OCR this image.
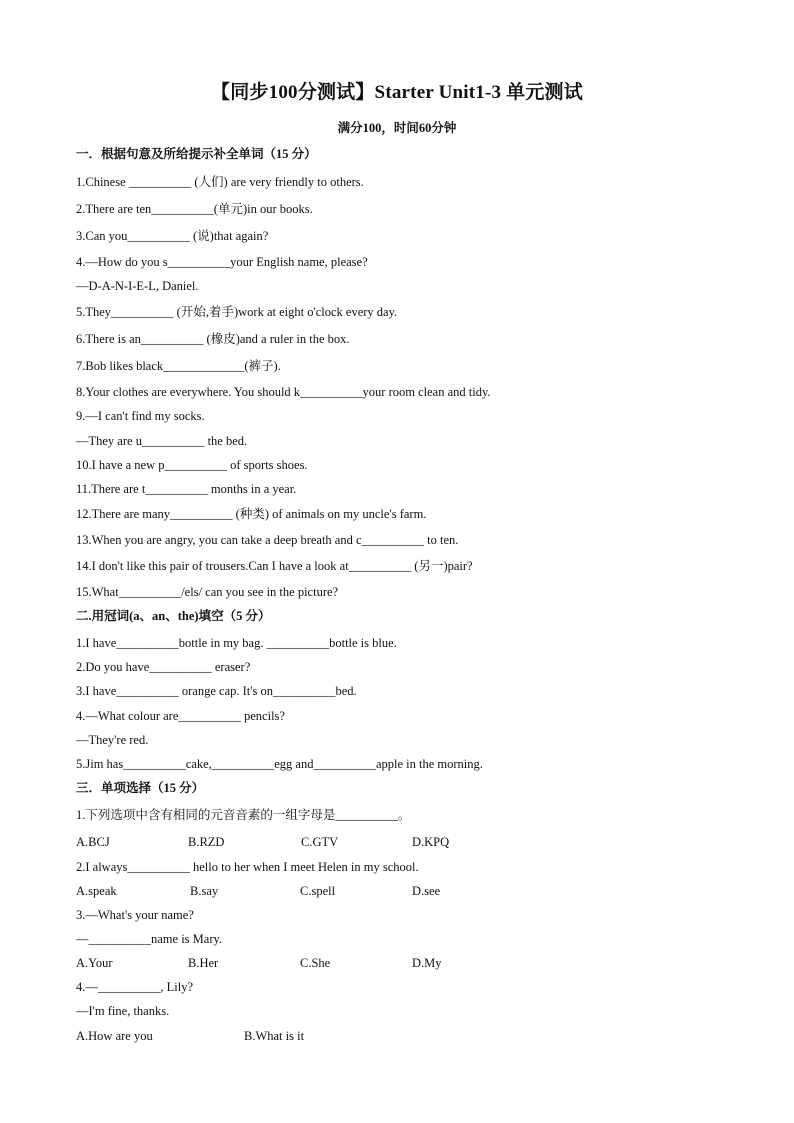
【同步100分测试】Starter Unit1-3 单元测试
满分100，时间60分钟
一．根据句意及所给提示补全单词（15 分）
1.Chinese __________ (人们) are very friendly to others.
2.There are ten__________(单元)in our books.
3.Can you__________ (说)that again?
4.—How do you s__________your English name, please?
—D-A-N-I-E-L, Daniel.
5.They__________ (开始,着手)work at eight o'clock every day.
6.There is an__________ (橡皮)and a ruler in the box.
7.Bob likes black_____________(裤子).
8.Your clothes are everywhere. You should k__________your room clean and tidy.
9.—I can't find my socks.
—They are u__________ the bed.
10.I have a new p__________ of sports shoes.
11.There are t__________ months in a year.
12.There are many__________ (种类) of animals on my uncle's farm.
13.When you are angry, you can take a deep breath and c__________ to ten.
14.I don't like this pair of trousers.Can I have a look at__________ (另一)pair?
15.What__________/els/ can you see in the picture?
二.用冠词(a、an、the)填空（5 分）
1.I have__________bottle in my bag. __________bottle is blue.
2.Do you have__________ eraser?
3.I have__________ orange cap. It's on__________bed.
4.—What colour are__________ pencils?
—They're red.
5.Jim has__________cake,__________egg and__________apple in the morning.
三．单项选择（15 分）
1.下列选项中含有相同的元音音素的一组字母是__________。
A.BCJ	B.RZD	C.GTV	D.KPQ
2.I always__________ hello to her when I meet Helen in my school.
A.speak	B.say	C.spell	D.see
3.—What's your name?
—__________name is Mary.
A.Your	B.Her	C.She	D.My
4.—__________, Lily?
—I'm fine, thanks.
A.How are you	B.What is it
